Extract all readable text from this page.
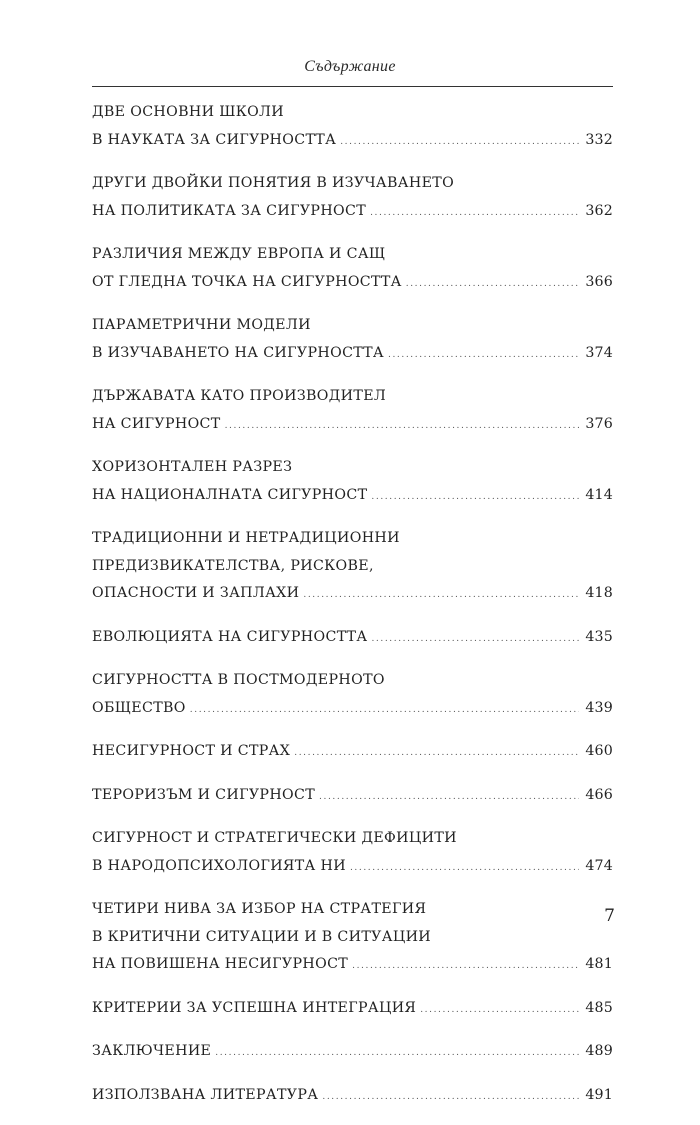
Съдържание
ДВЕ ОСНОВНИ ШКОЛИ
В НАУКАТА ЗА СИГУРНОСТТА .....	332
ДРУГИ ДВОЙКИ ПОНЯТИЯ В ИЗУЧАВАНЕТО
НА ПОЛИТИКАТА ЗА СИГУРНОСТ .....	362
РАЗЛИЧИЯ МЕЖДУ ЕВРОПА И САЩ
ОТ ГЛЕДНА ТОЧКА НА СИГУРНОСТТА .....	366
ПАРАМЕТРИЧНИ МОДЕЛИ
В ИЗУЧАВАНЕТО НА СИГУРНОСТТА .....	374
ДЪРЖАВАТА КАТО ПРОИЗВОДИТЕЛ
НА СИГУРНОСТ .....	376
ХОРИЗОНТАЛЕН РАЗРЕЗ
НА НАЦИОНАЛНАТА СИГУРНОСТ .....	414
ТРАДИЦИОННИ И НЕТРАДИЦИОННИ
ПРЕДИЗВИКАТЕЛСТВА, РИСКОВЕ,
ОПАСНОСТИ И ЗАПЛАХИ .....	418
ЕВОЛЮЦИЯТА НА СИГУРНОСТТА .....	435
СИГУРНОСТТА В ПОСТМОДЕРНОТО
ОБЩЕСТВО .....	439
НЕСИГУРНОСТ И СТРАХ .....	460
ТЕРОРИЗЪМ И СИГУРНОСТ .....	466
СИГУРНОСТ И СТРАТЕГИЧЕСКИ ДЕФИЦИТИ
В НАРОДОПСИХОЛОГИЯТА НИ .....	474
ЧЕТИРИ НИВА ЗА ИЗБОР НА СТРАТЕГИЯ
В КРИТИЧНИ СИТУАЦИИ И В СИТУАЦИИ
НА ПОВИШЕНА НЕСИГУРНОСТ .....	481
КРИТЕРИИ ЗА УСПЕШНА ИНТЕГРАЦИЯ .....	485
ЗАКЛЮЧЕНИЕ .....	489
ИЗПОЛЗВАНА ЛИТЕРАТУРА .....	491
7
